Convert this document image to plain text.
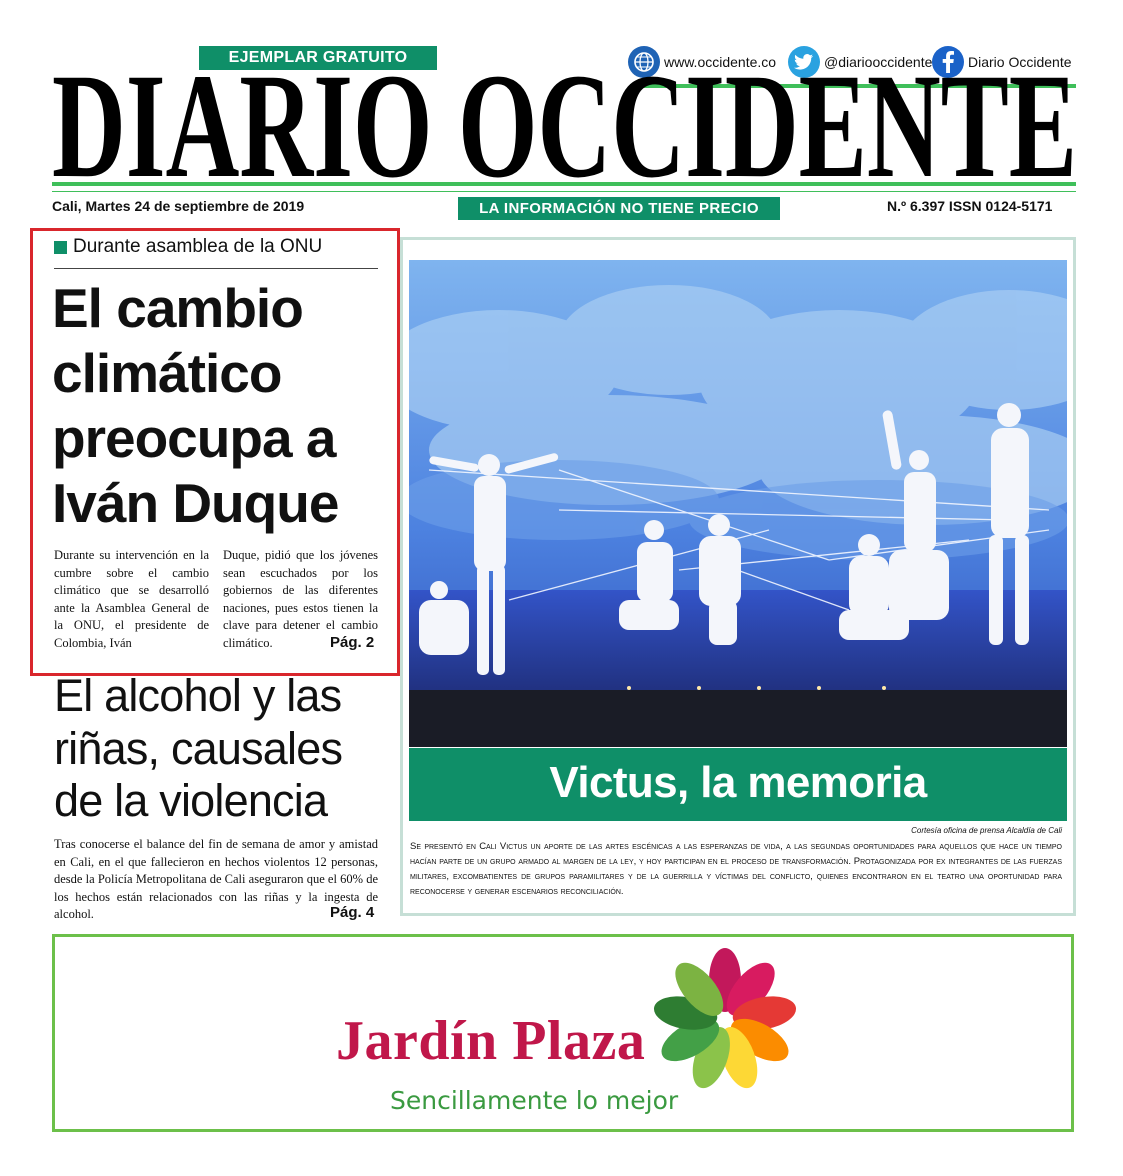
EJEMPLAR GRATUITO	www.occidente.co	@diariooccidente	Diario Occidente
DIARIO OCCIDENTE
Cali, Martes 24 de septiembre de 2019	LA INFORMACIÓN NO TIENE PRECIO	N.º 6.397 ISSN 0124-5171
Durante asamblea de la ONU
El cambio climático preocupa a Iván Duque
Durante su intervención en la cumbre sobre el cambio climático que se desarrolló ante la Asamblea General de la ONU, el presidente de Colombia, Iván
Duque, pidió que los jóvenes sean escuchados por los gobiernos de las diferentes naciones, pues estos tienen la clave para detener el cambio climático.	Pág. 2
El alcohol y las riñas, causales de la violencia
Tras conocerse el balance del fin de semana de amor y amistad en Cali, en el que fallecieron en hechos violentos 12 personas, desde la Policía Metropolitana de Cali aseguraron que el 60% de los hechos están relacionados con las riñas y la ingesta de alcohol.	Pág. 4
Victus, la memoria
Cortesía oficina de prensa Alcaldía de Cali
Se presentó en Cali Victus un aporte de las artes escénicas a las esperanzas de vida, a las segundas oportunidades para aquellos que hace un tiempo hacían parte de un grupo armado al margen de la ley, y hoy participan en el proceso de transformación. Protagonizada por ex integrantes de las fuerzas militares, excombatientes de grupos paramilitares y de la guerrilla y víctimas del conflicto, quienes encontraron en el teatro una oportunidad para reconocerse y generar escenarios reconciliación.
Jardín Plaza
Sencillamente lo mejor
